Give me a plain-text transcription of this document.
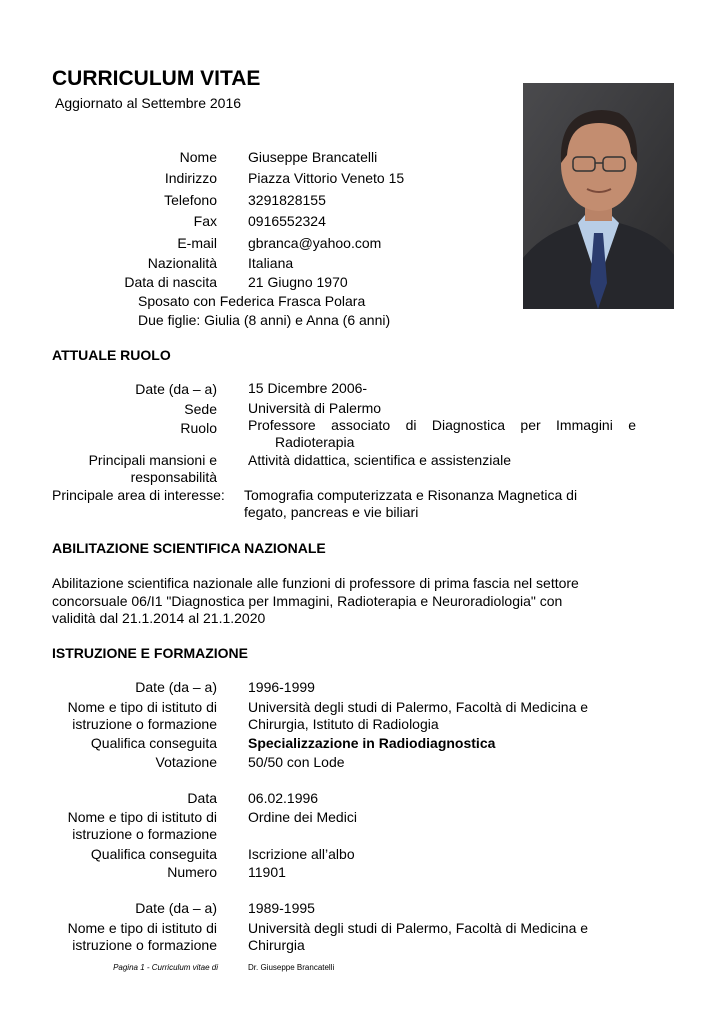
CURRICULUM VITAE
Aggiornato al Settembre 2016
Nome Giuseppe Brancatelli
Indirizzo Piazza Vittorio Veneto 15
Telefono 3291828155
Fax 0916552324
E-mail gbranca@yahoo.com
Nazionalità Italiana
Data di nascita 21 Giugno 1970
Sposato con Federica Frasca Polara
Due figlie: Giulia (8 anni) e Anna (6 anni)
ATTUALE RUOLO
Date (da – a) 15 Dicembre 2006-
Sede Università di Palermo
Ruolo Professore associato di Diagnostica per Immagini e
Radioterapia
Principali mansioni e
responsabilità
Attività didattica, scientifica e assistenziale
Principale area di interesse: Tomografia computerizzata e Risonanza Magnetica di
fegato, pancreas e vie biliari
ABILITAZIONE SCIENTIFICA NAZIONALE
Abilitazione scientifica nazionale alle funzioni di professore di prima fascia nel settore
concorsuale 06/I1 "Diagnostica per Immagini, Radioterapia e Neuroradiologia" con
validità dal 21.1.2014 al 21.1.2020
ISTRUZIONE E FORMAZIONE
Date (da – a) 1996-1999
Nome e tipo di istituto di
istruzione o formazione
Università degli studi di Palermo, Facoltà di Medicina e
Chirurgia, Istituto di Radiologia
Qualifica conseguita Specializzazione in Radiodiagnostica
Votazione 50/50 con Lode
Data 06.02.1996
Nome e tipo di istituto di
istruzione o formazione
Ordine dei Medici
Qualifica conseguita Iscrizione all’albo
Numero 11901
Date (da – a) 1989-1995
Nome e tipo di istituto di
istruzione o formazione
Università degli studi di Palermo, Facoltà di Medicina e
Chirurgia
Pagina 1 - Curriculum vitae di	Dr. Giuseppe Brancatelli
